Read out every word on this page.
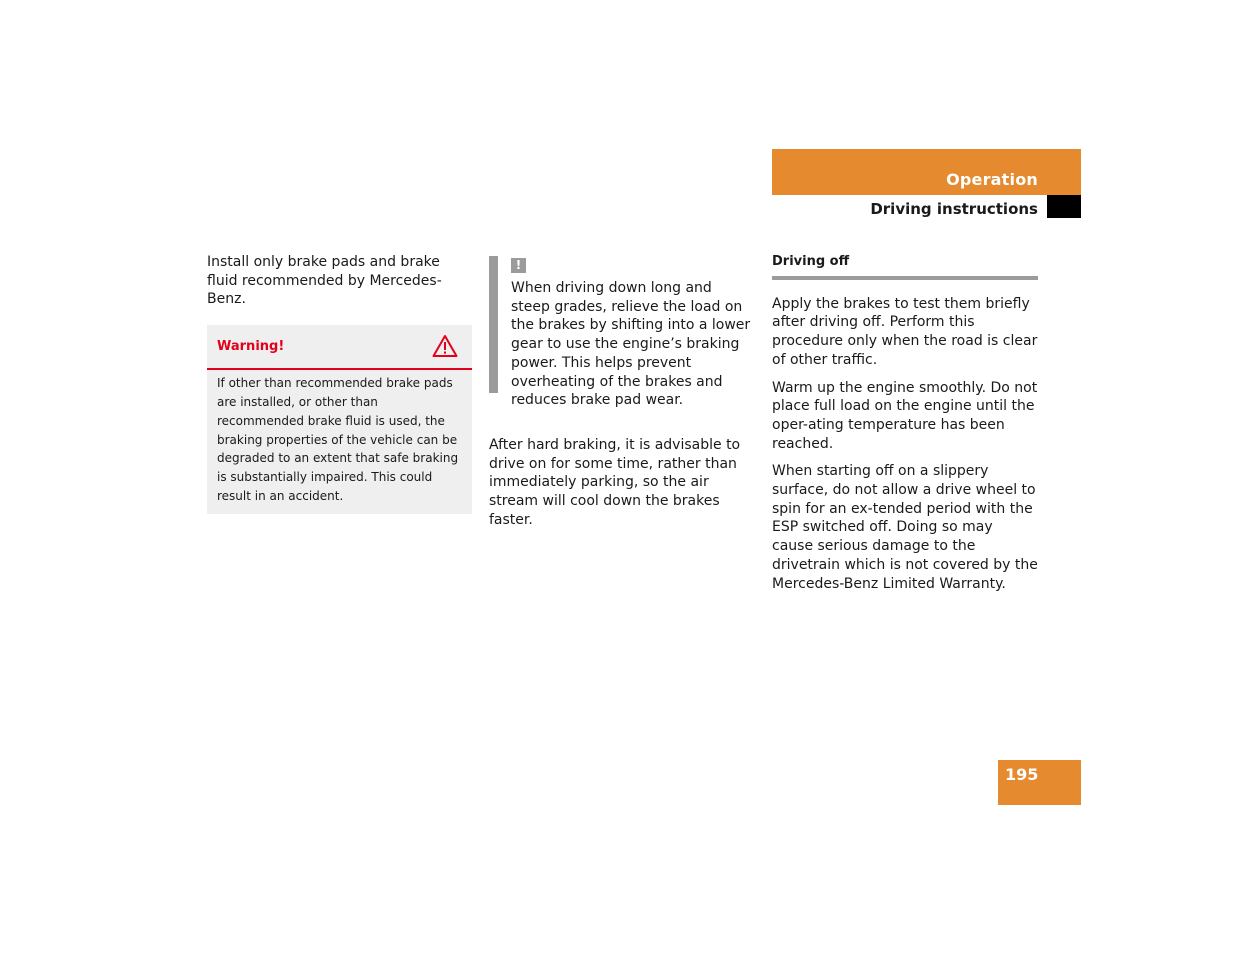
Operation
Driving instructions

Install only brake pads and brake fluid recommended by Mercedes-Benz.

Warning!
If other than recommended brake pads are installed, or other than recommended brake fluid is used, the braking properties of the vehicle can be degraded to an extent that safe braking is substantially impaired. This could result in an accident.
!

When driving down long and steep grades, relieve the load on the brakes by shifting into a lower gear to use the engine’s braking power. This helps prevent overheating of the brakes and reduces brake pad wear.

After hard braking, it is advisable to drive on for some time, rather than immediately parking, so the air stream will cool down the brakes faster.

Driving off

Apply the brakes to test them briefly after driving off. Perform this procedure only when the road is clear of other traffic.

Warm up the engine smoothly. Do not place full load on the engine until the oper-ating temperature has been reached.

When starting off on a slippery surface, do not allow a drive wheel to spin for an ex-tended period with the ESP switched off. Doing so may cause serious damage to the drivetrain which is not covered by the Mercedes-Benz Limited Warranty.

195
